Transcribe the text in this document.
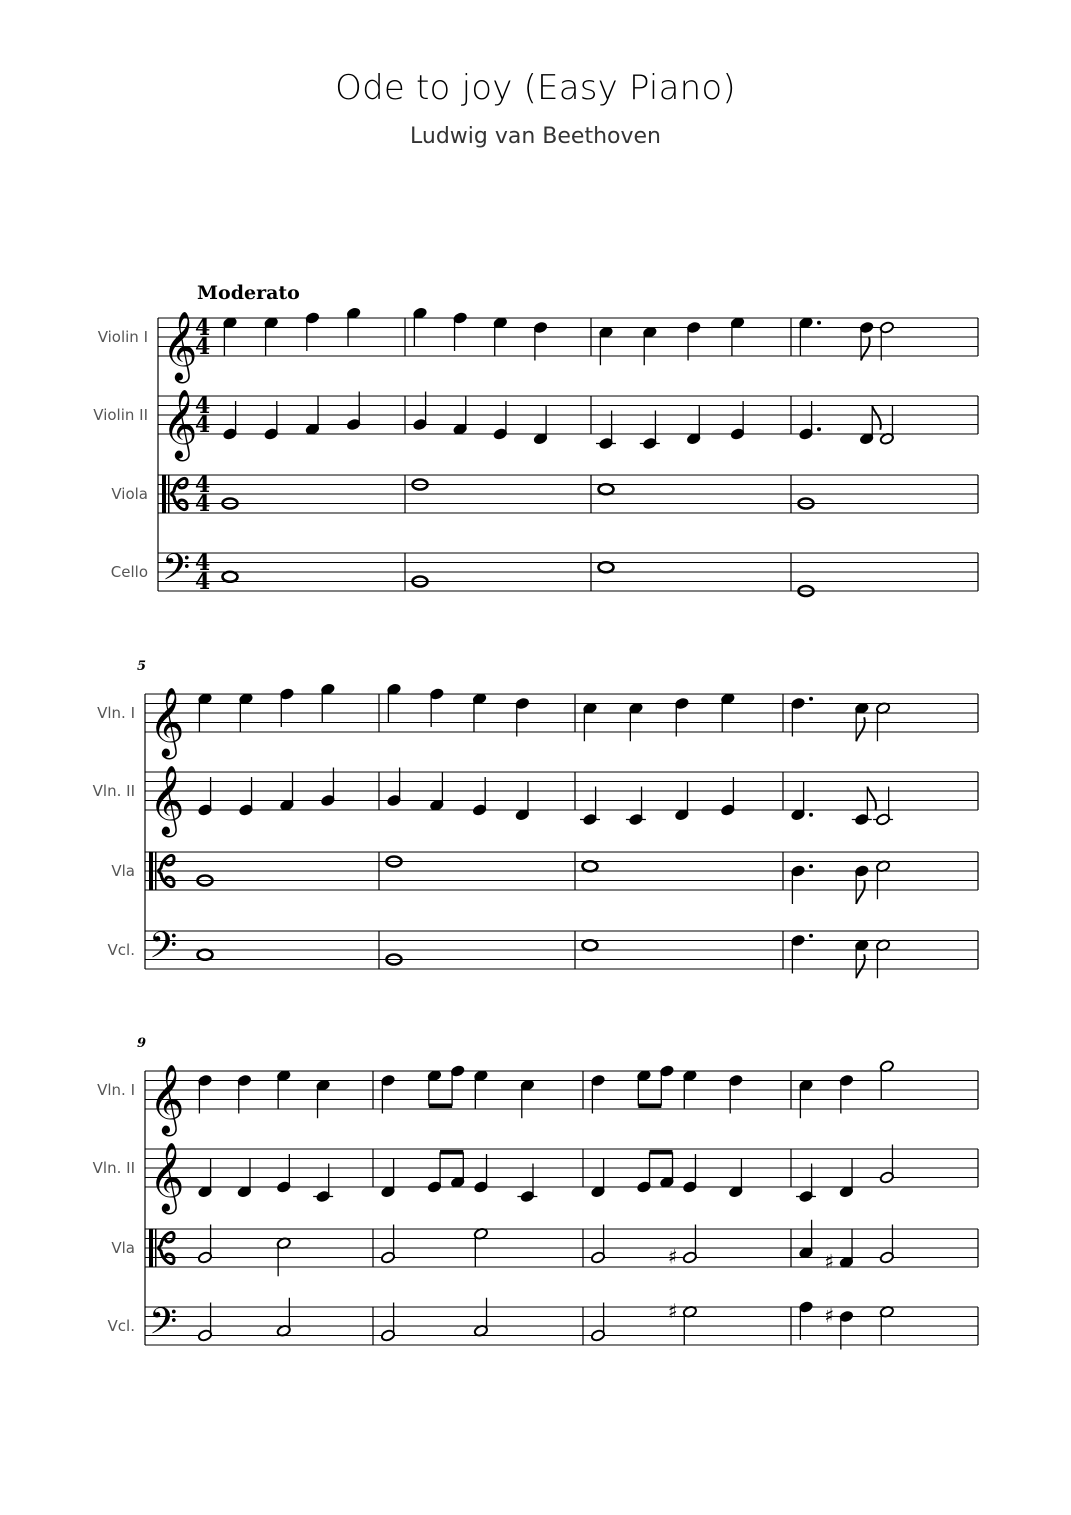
Ode to joy (Easy Piano)
Ludwig van Beethoven
Moderato
Violin I 𝄞
4
4
Violin II 𝄞
4
4
Viola 4
4
Cello 𝄢 4
4
5
Vln. I 𝄞
Vln. II 𝄞
Vla
Vcl. 𝄢
9
Vln. I 𝄞
Vln. II 𝄞
Vla	♯	♯
Vcl. 𝄢	♯	♯
